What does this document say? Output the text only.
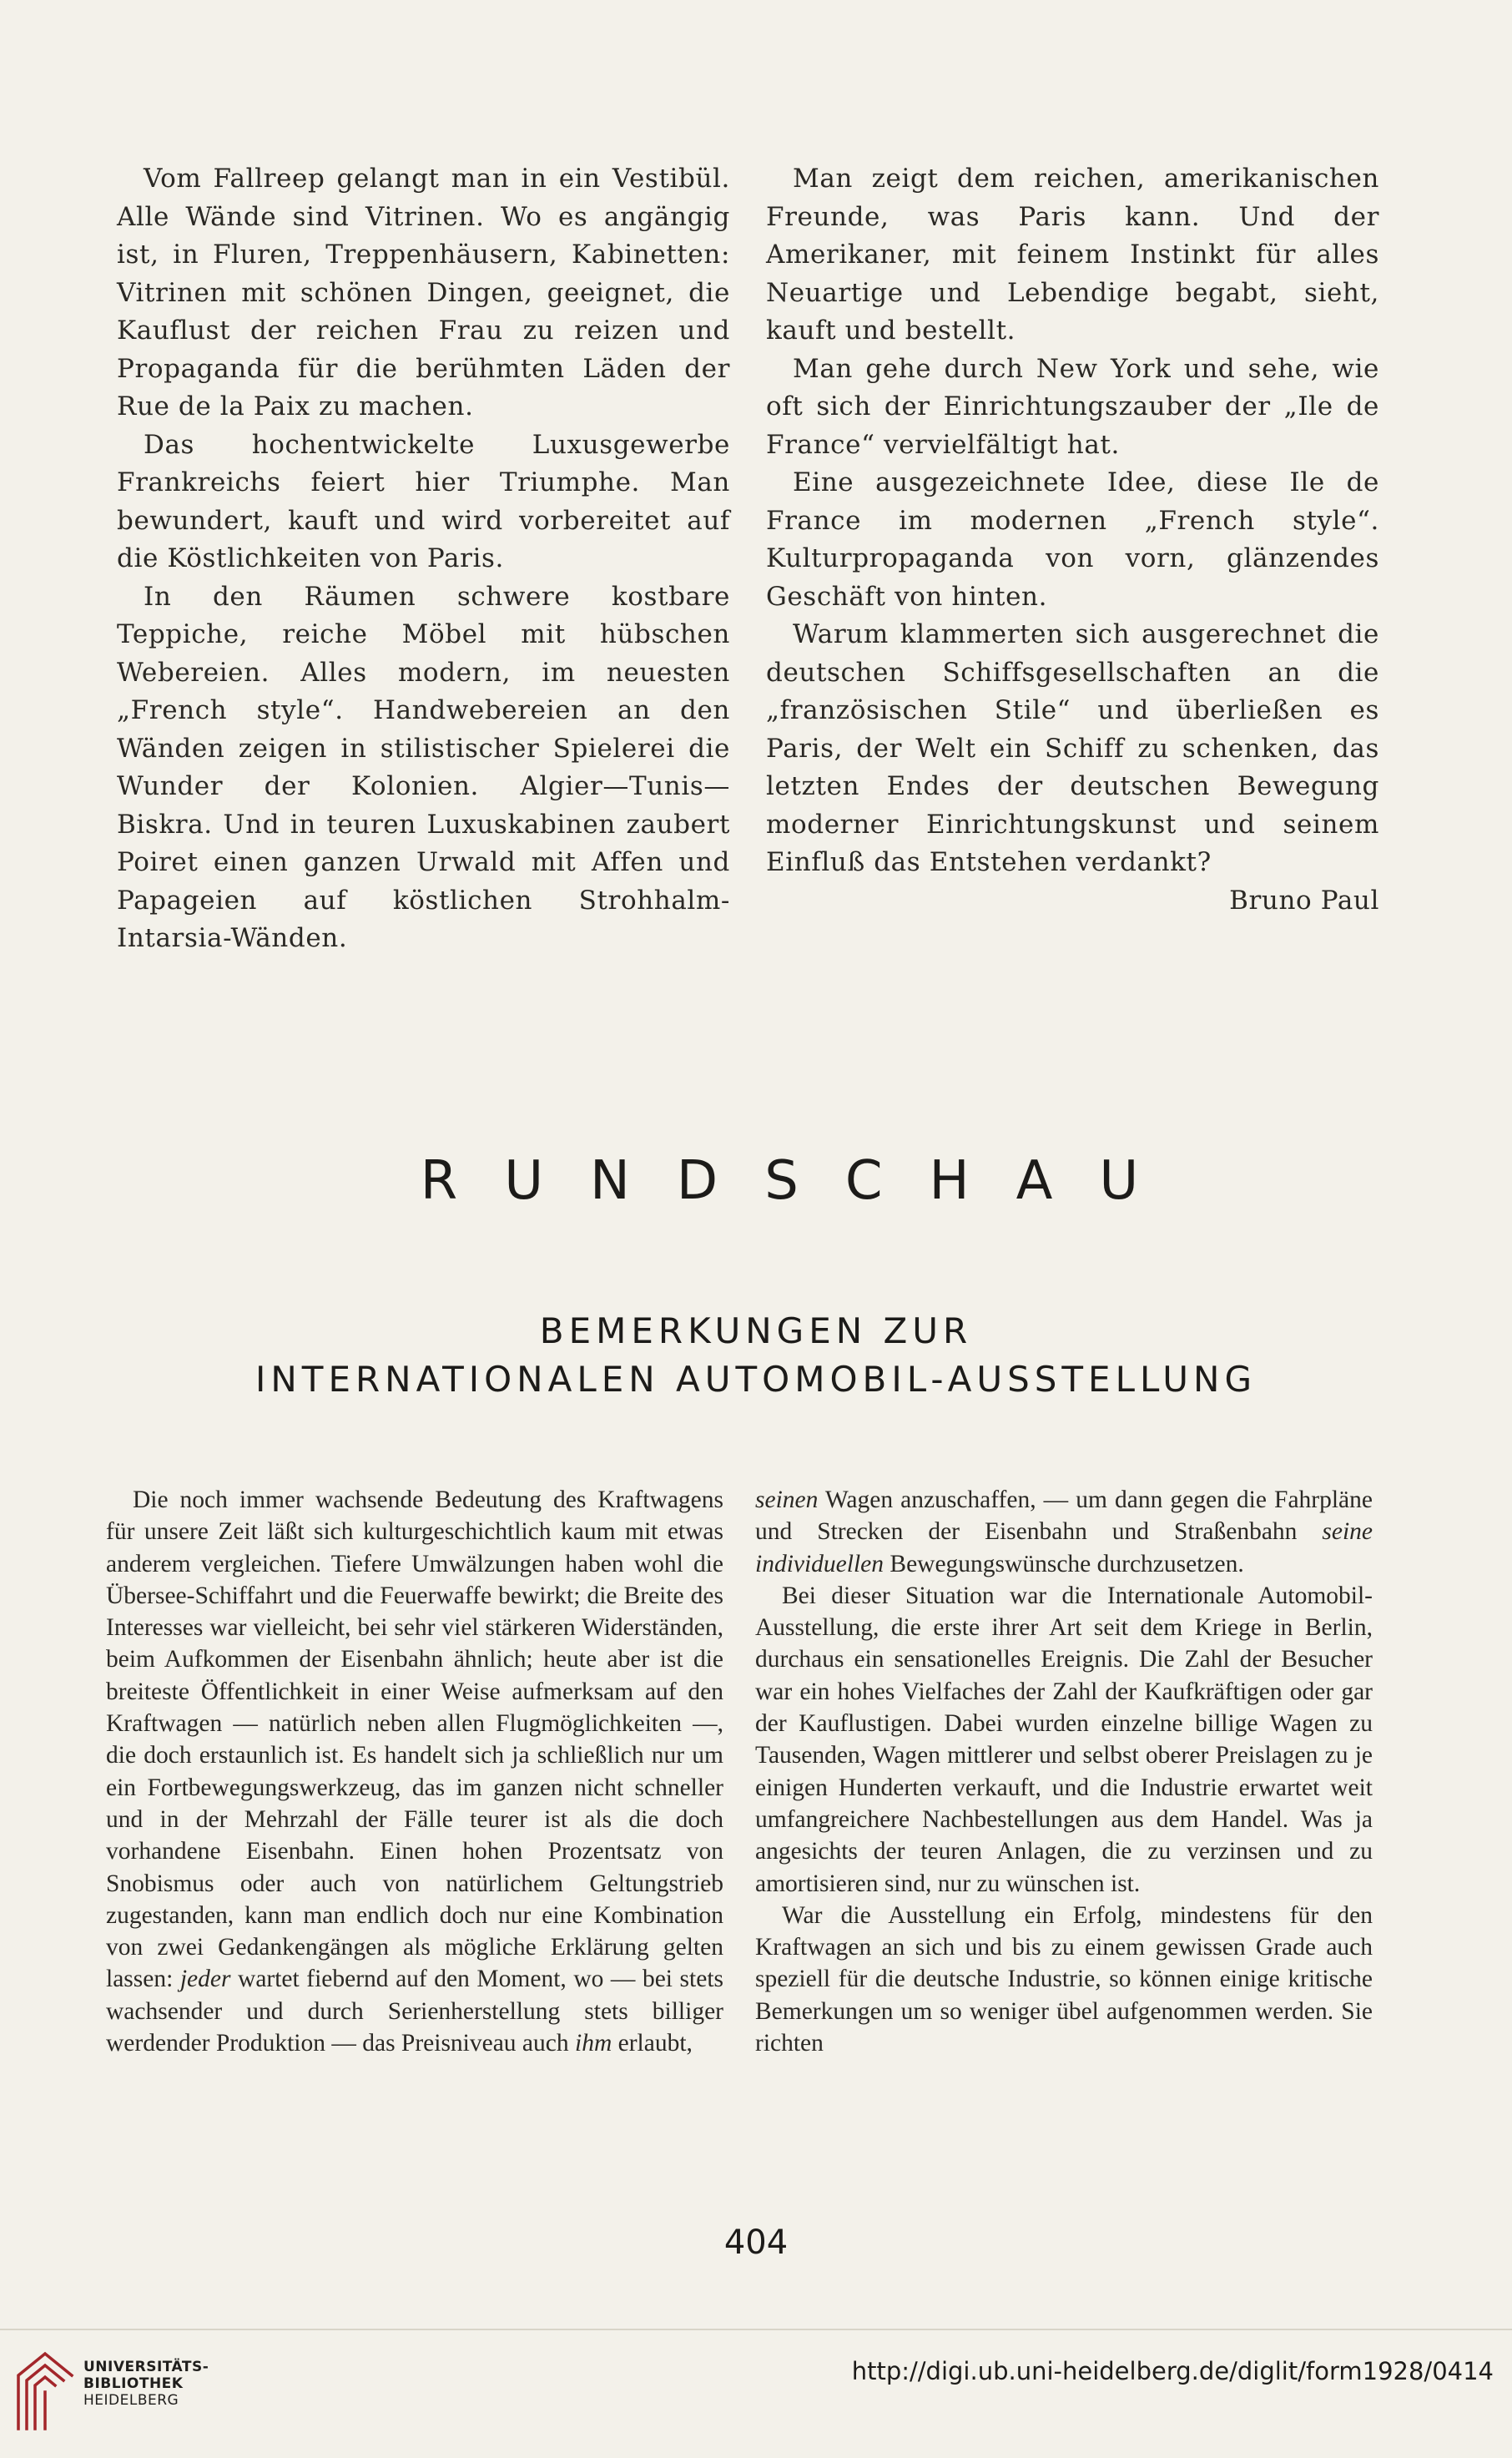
Vom Fallreep gelangt man in ein Vestibül. Alle Wände sind Vitrinen. Wo es angängig ist, in Fluren, Treppenhäusern, Kabinetten: Vitrinen mit schönen Dingen, geeignet, die Kauflust der reichen Frau zu reizen und Propaganda für die berühmten Läden der Rue de la Paix zu machen.

Das hochentwickelte Luxusgewerbe Frankreichs feiert hier Triumphe. Man bewundert, kauft und wird vorbereitet auf die Köstlichkeiten von Paris.

In den Räumen schwere kostbare Teppiche, reiche Möbel mit hübschen Webereien. Alles modern, im neuesten „French style“. Handwebereien an den Wänden zeigen in stilistischer Spielerei die Wunder der Kolonien. Algier—Tunis— Biskra. Und in teuren Luxuskabinen zaubert Poiret einen ganzen Urwald mit Affen und Papageien auf köstlichen Strohhalm-Intarsia-Wänden.

Man zeigt dem reichen, amerikanischen Freunde, was Paris kann. Und der Amerikaner, mit feinem Instinkt für alles Neuartige und Lebendige begabt, sieht, kauft und bestellt.

Man gehe durch New York und sehe, wie oft sich der Einrichtungszauber der „Ile de France“ vervielfältigt hat.

Eine ausgezeichnete Idee, diese Ile de France im modernen „French style“. Kulturpropaganda von vorn, glänzendes Geschäft von hinten.

Warum klammerten sich ausgerechnet die deutschen Schiffsgesellschaften an die „französischen Stile“ und überließen es Paris, der Welt ein Schiff zu schenken, das letzten Endes der deutschen Bewegung moderner Einrichtungskunst und seinem Einfluß das Entstehen verdankt?

Bruno Paul

RUNDSCHAU
BEMERKUNGEN ZUR
INTERNATIONALEN AUTOMOBIL-AUSSTELLUNG

Die noch immer wachsende Bedeutung des Kraftwagens für unsere Zeit läßt sich kulturgeschichtlich kaum mit etwas anderem vergleichen. Tiefere Umwälzungen haben wohl die Übersee-Schiffahrt und die Feuerwaffe bewirkt; die Breite des Interesses war vielleicht, bei sehr viel stärkeren Widerständen, beim Aufkommen der Eisenbahn ähnlich; heute aber ist die breiteste Öffentlichkeit in einer Weise aufmerksam auf den Kraftwagen — natürlich neben allen Flugmöglichkeiten —, die doch erstaunlich ist. Es handelt sich ja schließlich nur um ein Fortbewegungswerkzeug, das im ganzen nicht schneller und in der Mehrzahl der Fälle teurer ist als die doch vorhandene Eisenbahn. Einen hohen Prozentsatz von Snobismus oder auch von natürlichem Geltungstrieb zugestanden, kann man endlich doch nur eine Kombination von zwei Gedankengängen als mögliche Erklärung gelten lassen: jeder wartet fiebernd auf den Moment, wo — bei stets wachsender und durch Serienherstellung stets billiger werdender Produktion — das Preisniveau auch ihm erlaubt,

seinen Wagen anzuschaffen, — um dann gegen die Fahrpläne und Strecken der Eisenbahn und Straßenbahn seine individuellen Bewegungswünsche durchzusetzen.

Bei dieser Situation war die Internationale Automobil-Ausstellung, die erste ihrer Art seit dem Kriege in Berlin, durchaus ein sensationelles Ereignis. Die Zahl der Besucher war ein hohes Vielfaches der Zahl der Kaufkräftigen oder gar der Kauflustigen. Dabei wurden einzelne billige Wagen zu Tausenden, Wagen mittlerer und selbst oberer Preislagen zu je einigen Hunderten verkauft, und die Industrie erwartet weit umfangreichere Nachbestellungen aus dem Handel. Was ja angesichts der teuren Anlagen, die zu verzinsen und zu amortisieren sind, nur zu wünschen ist.

War die Ausstellung ein Erfolg, mindestens für den Kraftwagen an sich und bis zu einem gewissen Grade auch speziell für die deutsche Industrie, so können einige kritische Bemerkungen um so weniger übel aufgenommen werden. Sie richten

404
UNIVERSITÄTS-
BIBLIOTHEK
HEIDELBERG
http://digi.ub.uni-heidelberg.de/diglit/form1928/0414
